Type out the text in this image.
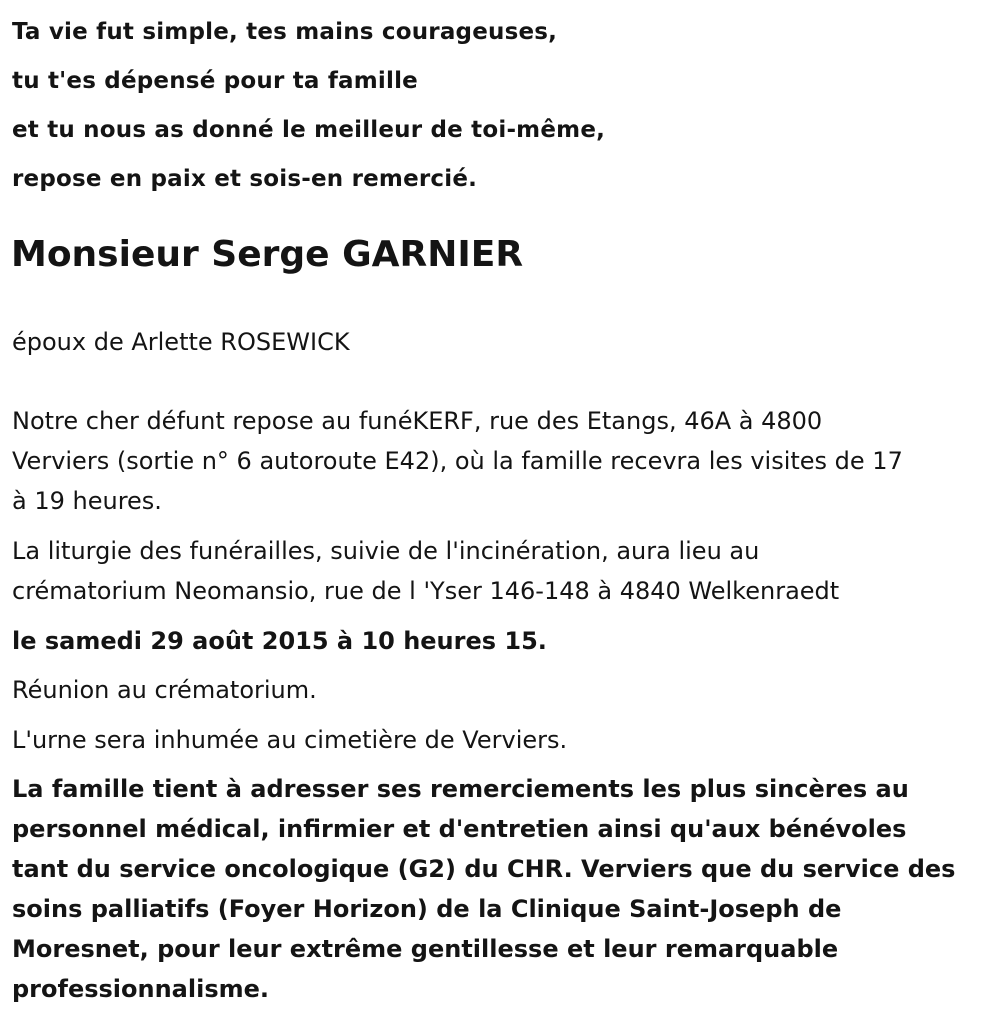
Ta vie fut simple, tes mains courageuses,
tu t'es dépensé pour ta famille
et tu nous as donné le meilleur de toi-même,
repose en paix et sois-en remercié.
Monsieur Serge GARNIER

époux de Arlette ROSEWICK

Notre cher défunt repose au funéKERF, rue des Etangs, 46A à 4800
Verviers (sortie n° 6 autoroute E42), où la famille recevra les visites de 17
à 19 heures.

La liturgie des funérailles, suivie de l'incinération, aura lieu au
crématorium Neomansio, rue de l 'Yser 146-148 à 4840 Welkenraedt

le samedi 29 août 2015 à 10 heures 15.

Réunion au crématorium.

L'urne sera inhumée au cimetière de Verviers.

La famille tient à adresser ses remerciements les plus sincères au
personnel médical, infirmier et d'entretien ainsi qu'aux bénévoles
tant du service oncologique (G2) du CHR. Verviers que du service des
soins palliatifs (Foyer Horizon) de la Clinique Saint-Joseph de
Moresnet, pour leur extrême gentillesse et leur remarquable
professionnalisme.
